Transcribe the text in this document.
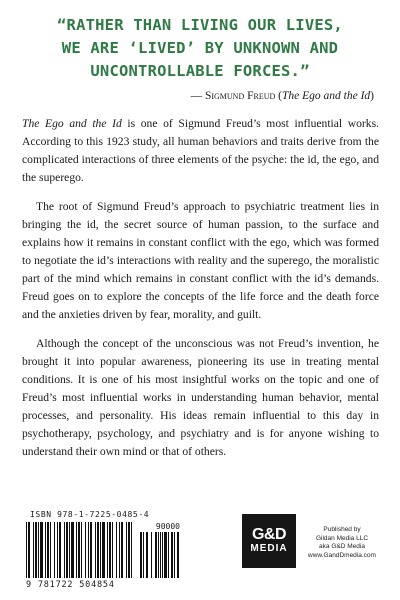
“RATHER THAN LIVING OUR LIVES,
WE ARE ‘LIVED’ BY UNKNOWN AND
UNCONTROLLABLE FORCES.”
— Sigmund Freud (The Ego and the Id)

The Ego and the Id is one of Sigmund Freud’s most influential works. According to this 1923 study, all human behaviors and traits derive from the complicated interactions of three elements of the psyche: the id, the ego, and the superego.

The root of Sigmund Freud’s approach to psychiatric treatment lies in bringing the id, the secret source of human passion, to the surface and explains how it remains in constant conflict with the ego, which was formed to negotiate the id’s interactions with reality and the superego, the moralistic part of the mind which remains in constant conflict with the id’s demands. Freud goes on to explore the concepts of the life force and the death force and the anxieties driven by fear, morality, and guilt.

Although the concept of the unconscious was not Freud’s invention, he brought it into popular awareness, pioneering its use in treating mental conditions. It is one of his most insightful works on the topic and one of Freud’s most influential works in understanding human behavior, mental processes, and personality. His ideas remain influential to this day in psychotherapy, psychology, and psychiatry and is for anyone wishing to understand their own mind or that of others.

ISBN 978-1-7225-0485-4
90000
9 781722 504854
G&D
MEDIA
Published by
Gildan Media LLC
aka G&D Media
www.GandDmedia.com
